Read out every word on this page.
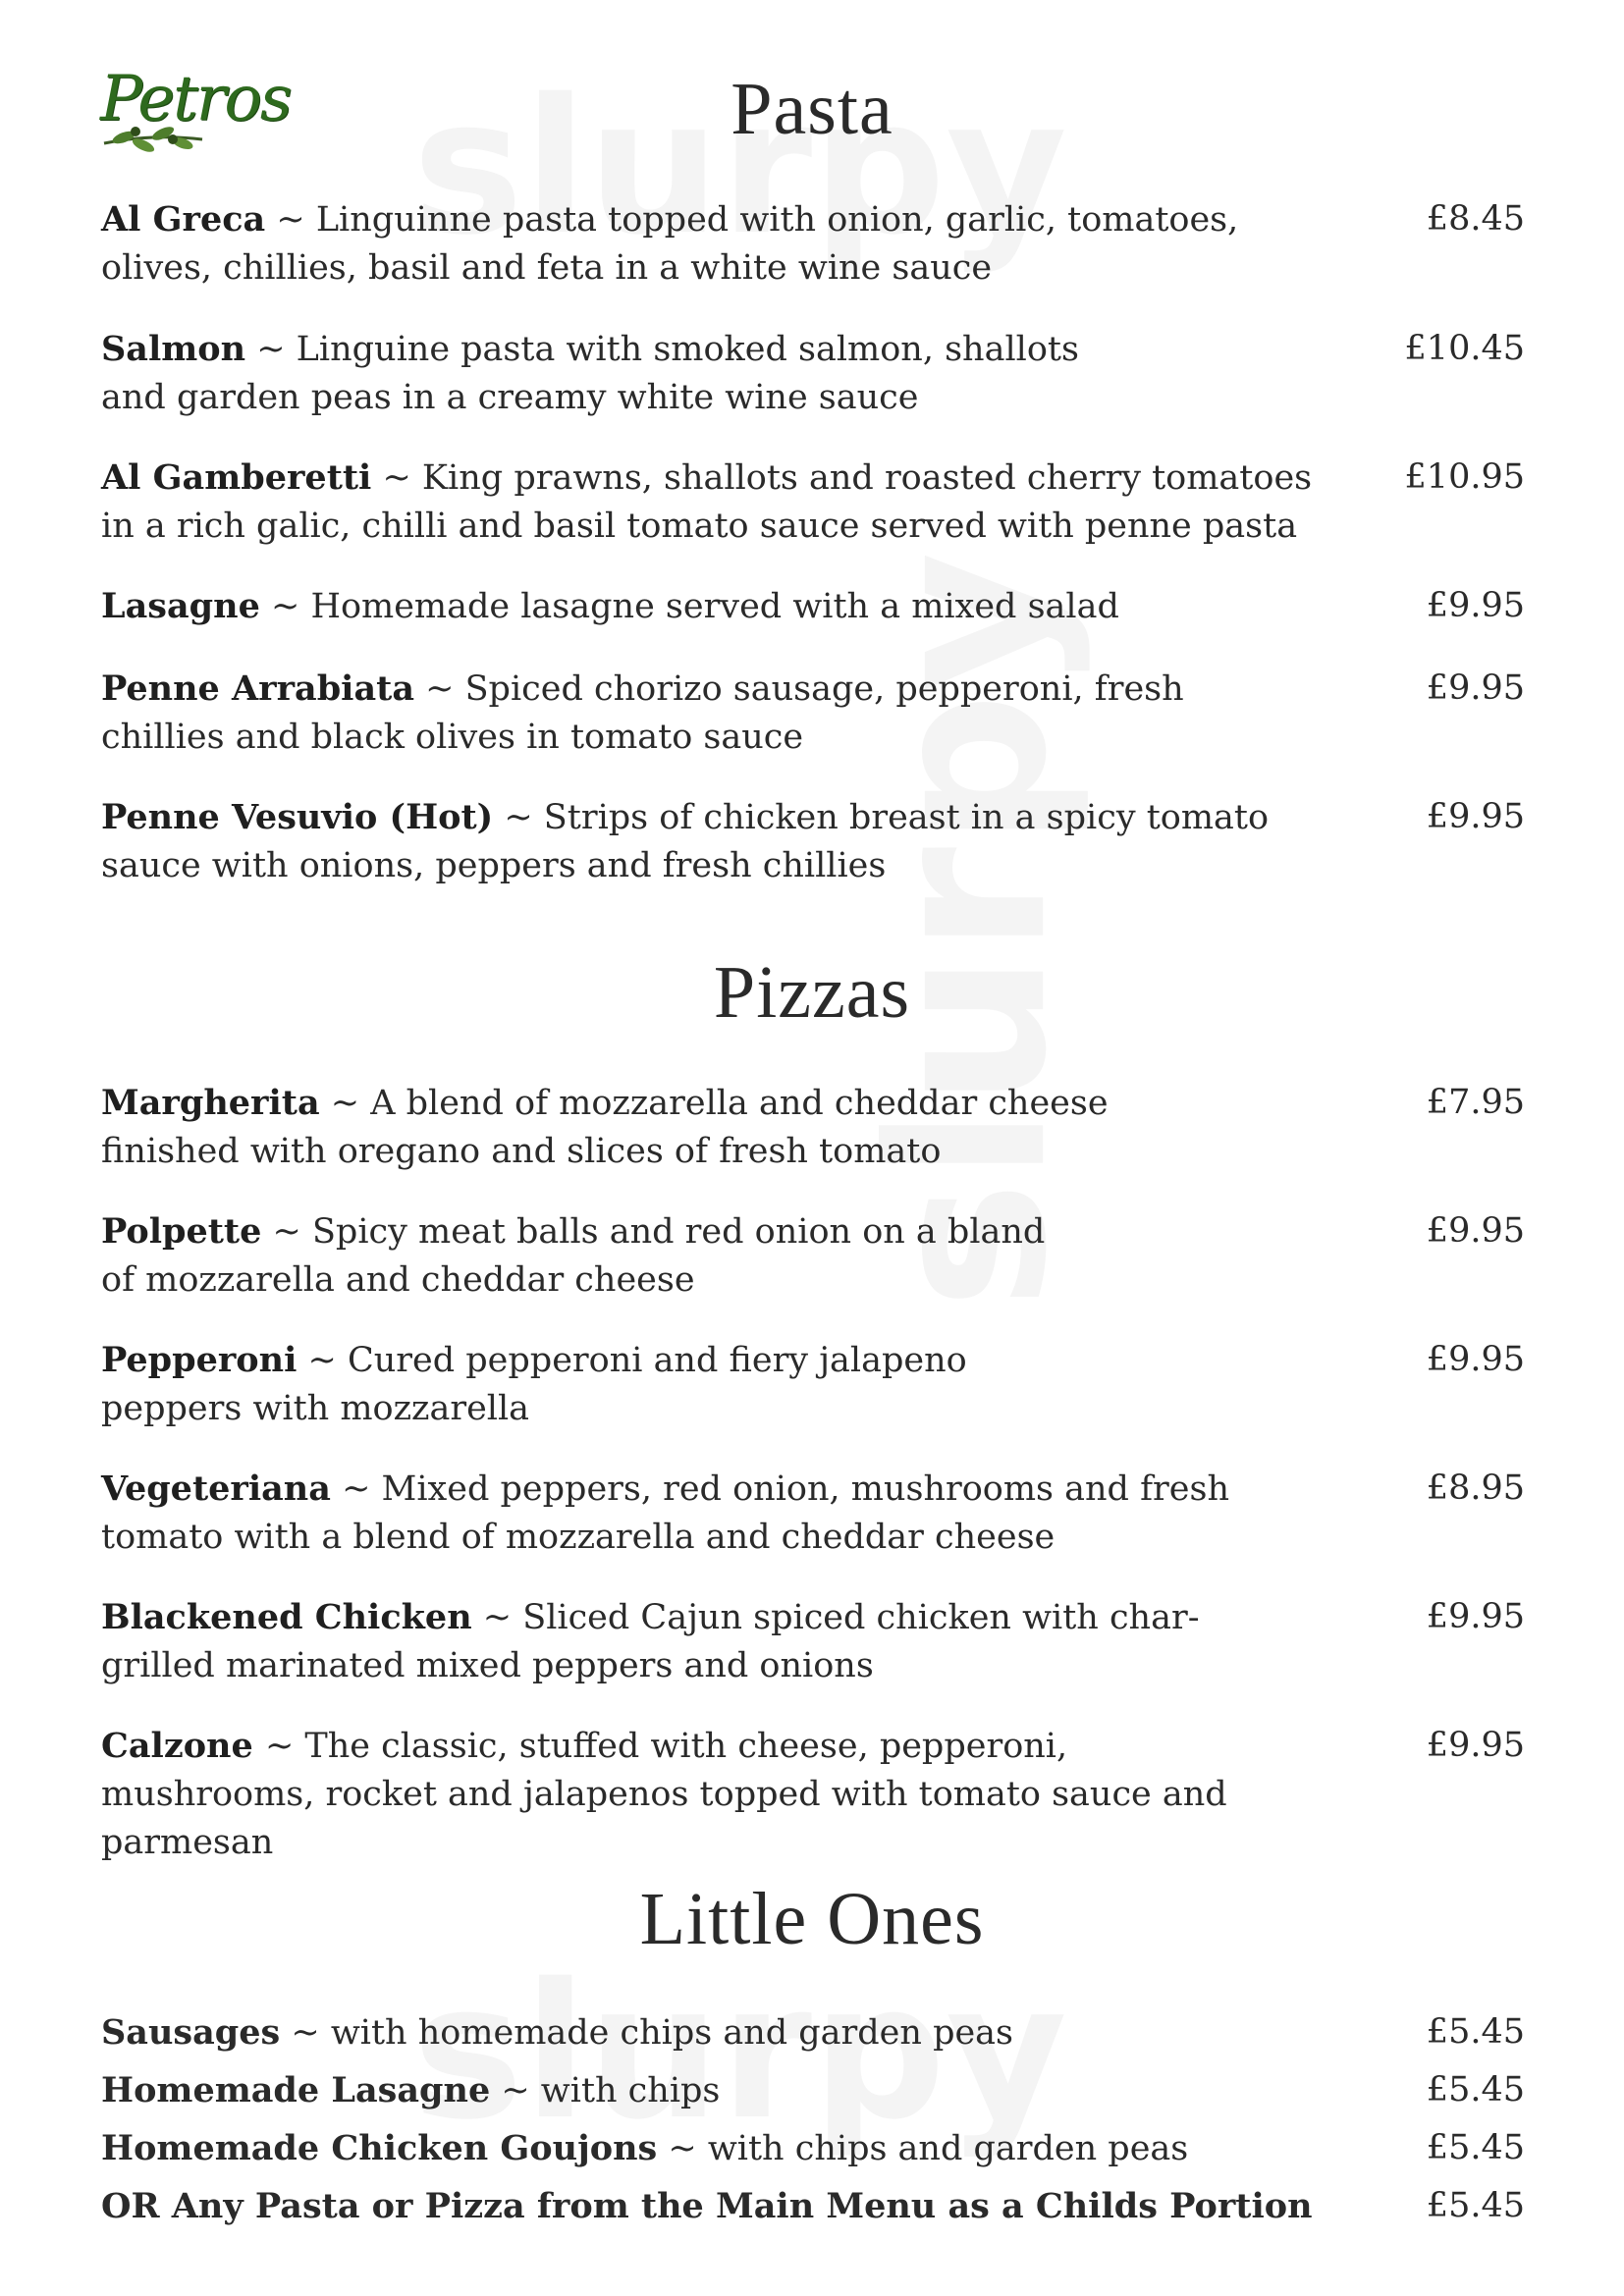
Petros	Pasta
Al Greca ~ Linguinne pasta topped with onion, garlic, tomatoes, olives, chillies, basil and feta in a white wine sauce
£8.45
Salmon ~ Linguine pasta with smoked salmon, shallots and garden peas in a creamy white wine sauce
£10.45
Al Gamberetti ~ King prawns, shallots and roasted cherry tomatoes in a rich galic, chilli and basil tomato sauce served with penne pasta
£10.95
Lasagne ~ Homemade lasagne served with a mixed salad	£9.95
Penne Arrabiata ~ Spiced chorizo sausage, pepperoni, fresh chillies and black olives in tomato sauce
£9.95
Penne Vesuvio (Hot) ~ Strips of chicken breast in a spicy tomato sauce with onions, peppers and fresh chillies
£9.95
Pizzas
Margherita ~ A blend of mozzarella and cheddar cheese finished with oregano and slices of fresh tomato
£7.95
Polpette ~ Spicy meat balls and red onion on a bland of mozzarella and cheddar cheese
£9.95
Pepperoni ~ Cured pepperoni and fiery jalapeno peppers with mozzarella
£9.95
Vegeteriana ~ Mixed peppers, red onion, mushrooms and fresh tomato with a blend of mozzarella and cheddar cheese
£8.95
Blackened Chicken ~ Sliced Cajun spiced chicken with char-grilled marinated mixed peppers and onions
£9.95
Calzone ~ The classic, stuffed with cheese, pepperoni, mushrooms, rocket and jalapenos topped with tomato sauce and parmesan
£9.95
Little Ones
Sausages ~ with homemade chips and garden peas	£5.45
Homemade Lasagne ~ with chips	£5.45
Homemade Chicken Goujons ~ with chips and garden peas	£5.45
OR Any Pasta or Pizza from the Main Menu as a Childs Portion	£5.45
